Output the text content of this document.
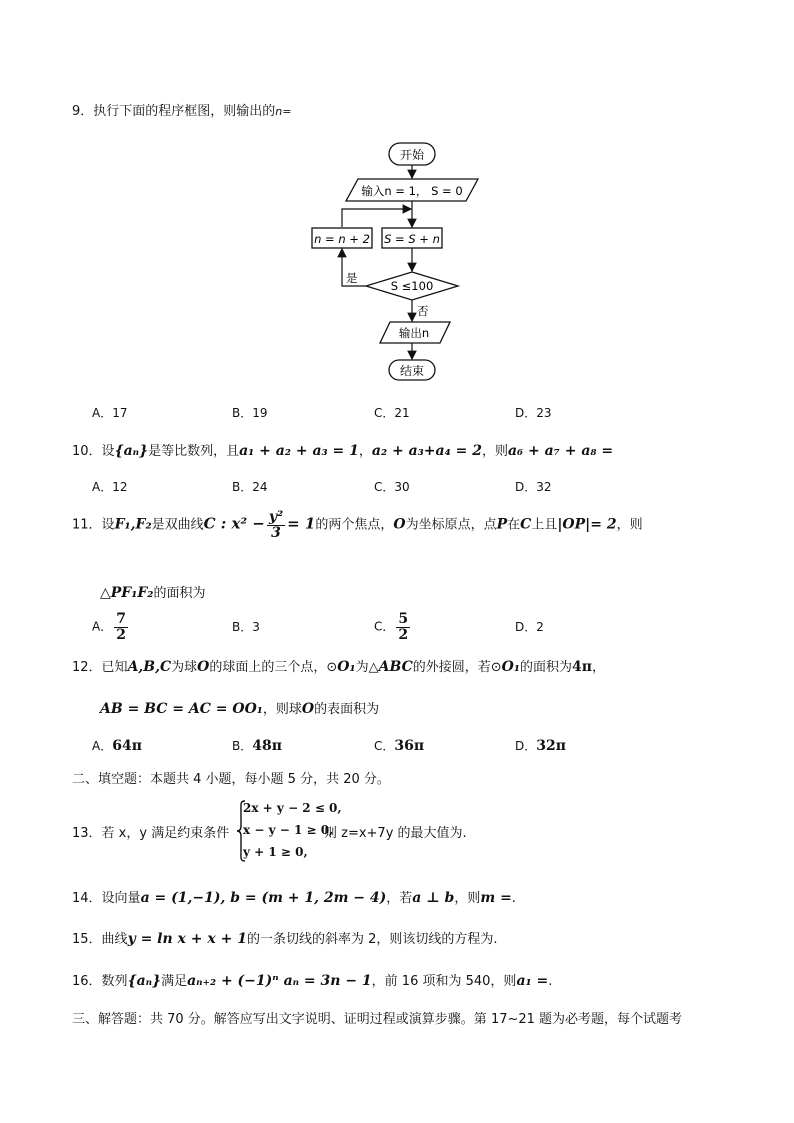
9．执行下面的程序框图，则输出的n=
开始
输入n = 1， S = 0
n = n + 2 S = S + n
S ≤100
是
否
输出n
结束
A．17	B．19	C．21	D．23
10．设{aₙ}是等比数列，且a₁ + a₂ + a₃ = 1，a₂ + a₃+a₄ = 2，则a₆ + a₇ + a₈ =
A．12	B．24	C．30	D．32
11．设F₁,F₂是双曲线C : $x^2 - \frac{\text{y²}}{3} = 1$的两个焦点，O为坐标原点，点P在C上且|OP|= 2，则
△PF₁F₂的面积为
A． $\frac{7}{2}$	B．3	C． $\frac{5}{2}$	D．2
12．已知A,B,C为球O的球面上的三个点，⊙O₁为△ABC的外接圆，若⊙O₁的面积为4π，
AB = BC = AC = OO₁，则球O的表面积为
A．64π	B．48π	C．36π	D．32π
二、填空题：本题共 4 小题，每小题 5 分，共 20 分。
13．若 x，y 满足约束条件
2x + y − 2 ≤ 0,
x − y − 1 ≥ 0,
y + 1 ≥ 0,
则 z=x+7y 的最大值为.
14．设向量a = (1,−1), b = (m + 1, 2m − 4)，若a ⊥ b，则m =.
15．曲线y = ln x + x + 1的一条切线的斜率为 2，则该切线的方程为.
16．数列{aₙ}满足aₙ₊₂ + (−1)ⁿ aₙ = 3n − 1，前 16 项和为 540，则a₁ =.
三、解答题：共 70 分。解答应写出文字说明、证明过程或演算步骤。第 17~21 题为必考题，每个试题考
